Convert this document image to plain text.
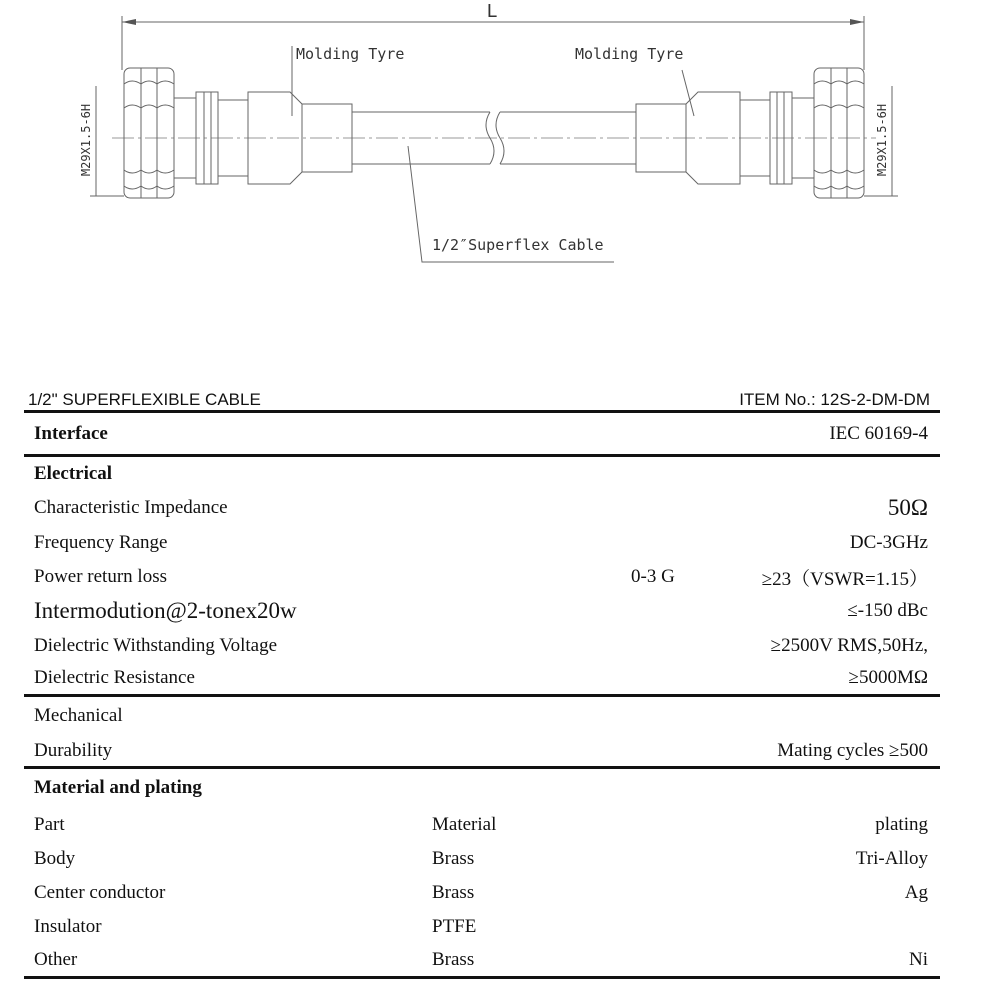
L
Molding Tyre	Molding Tyre
1/2″Superflex Cable
M29X1.5-6H	M29X1.5-6H
1/2" SUPERFLEXIBLE CABLE	ITEM No.: 12S-2-DM-DM
Interface	IEC 60169-4
Electrical
Characteristic Impedance	50Ω
Frequency Range	DC-3GHz
Power return loss	0-3 G	≥23（VSWR=1.15）
Intermodution@2-tonex20w	≤-150 dBc
Dielectric Withstanding Voltage	≥2500V RMS,50Hz,
Dielectric Resistance	≥5000MΩ
Mechanical
Durability	Mating cycles ≥500
Material and plating
Part	Material	plating
Body	Brass	Tri-Alloy
Center conductor	Brass	Ag
Insulator	PTFE
Other	Brass	Ni
